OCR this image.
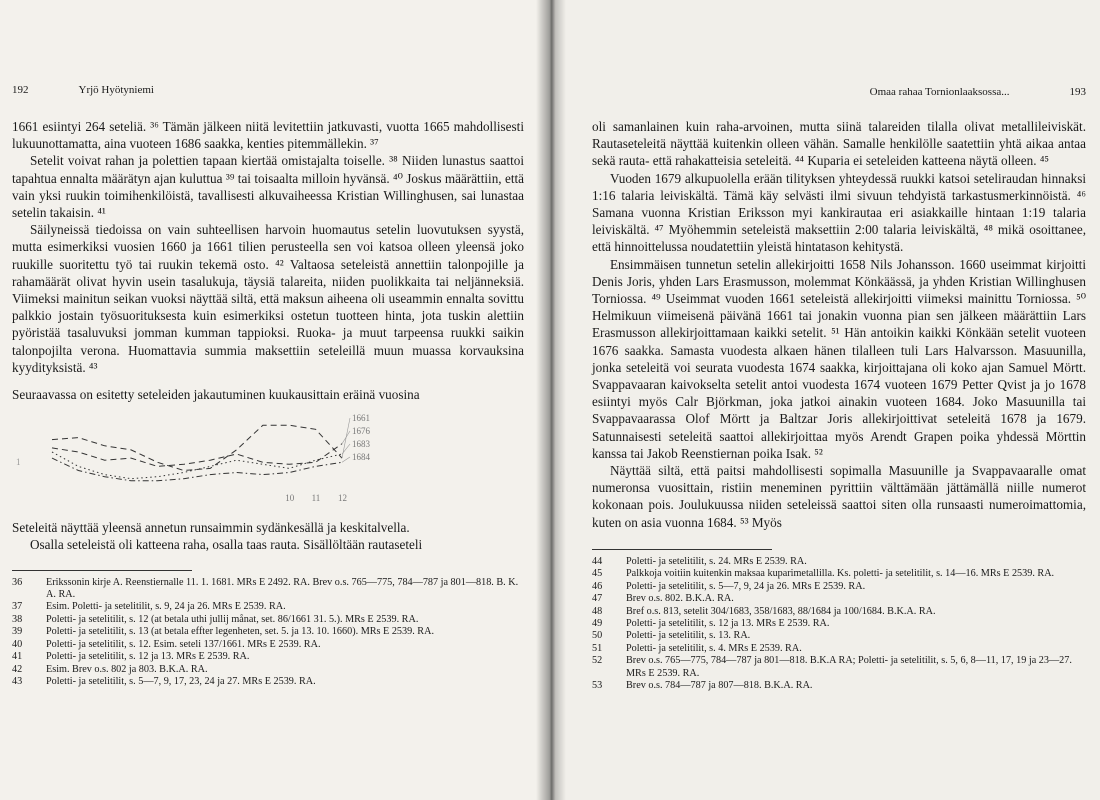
192	Yrjö Hyötyniemi

1661 esiintyi 264 seteliä. ³⁶ Tämän jälkeen niitä levitettiin jatkuvasti, vuotta 1665 mahdollisesti lukuunottamatta, aina vuoteen 1686 saakka, kenties pitemmällekin. ³⁷

Setelit voivat rahan ja polettien tapaan kiertää omistajalta toiselle. ³⁸ Niiden lunastus saattoi tapahtua ennalta määrätyn ajan kuluttua ³⁹ tai toisaalta milloin hyvänsä. ⁴⁰ Joskus määrättiin, että vain yksi ruukin toimihenkilöistä, tavallisesti alkuvaiheessa Kristian Willinghusen, sai lunastaa setelin takaisin. ⁴¹

Säilyneissä tiedoissa on vain suhteellisen harvoin huomautus setelin luovutuksen syystä, mutta esimerkiksi vuosien 1660 ja 1661 tilien perusteella sen voi katsoa olleen yleensä joko ruukille suoritettu työ tai ruukin tekemä osto. ⁴² Valtaosa seteleistä annettiin talonpojille ja rahamäärät olivat hyvin usein tasalukuja, täysiä talareita, niiden puolikkaita tai neljänneksiä. Viimeksi mainitun seikan vuoksi näyttää siltä, että maksun aiheena oli useammin ennalta sovittu palkkio jostain työsuorituksesta kuin esimerkiksi ostetun tuotteen hinta, jota tuskin alettiin pyöristää tasaluvuksi jomman kumman tappioksi. Ruoka- ja muut tarpeensa ruukki saikin talonpojilta verona. Huomattavia summia maksettiin seteleillä muun muassa korvauksina kyydityksistä. ⁴³

Seuraavassa on esitetty seteleiden jakautuminen kuukausittain eräinä vuosina

1661
1676
1683
1684
10 11 12
1

Seteleitä näyttää yleensä annetun runsaimmin sydänkesällä ja keskitalvella.

Osalla seteleistä oli katteena raha, osalla taas rauta. Sisällöltään rautaseteli

36 Erikssonin kirje A. Reenstiernalle 11. 1. 1681. MRs E 2492. RA. Brev o.s. 765—775, 784—787 ja 801—818. B. K. A. RA.

37 Esim. Poletti- ja setelitilit, s. 9, 24 ja 26. MRs E 2539. RA.

38 Poletti- ja setelitilit, s. 12 (at betala uthi jullij månat, set. 86/1661 31. 5.). MRs E 2539. RA.

39 Poletti- ja setelitilit, s. 13 (at betala effter legenheten, set. 5. ja 13. 10. 1660). MRs E 2539. RA.

40 Poletti- ja setelitilit, s. 12. Esim. seteli 137/1661. MRs E 2539. RA.

41 Poletti- ja setelitilit, s. 12 ja 13. MRs E 2539. RA.

42 Esim. Brev o.s. 802 ja 803. B.K.A. RA.

43 Poletti- ja setelitilit, s. 5—7, 9, 17, 23, 24 ja 27. MRs E 2539. RA.

Omaa rahaa Tornionlaaksossa...	193

oli samanlainen kuin raha-arvoinen, mutta siinä talareiden tilalla olivat metallileiviskät. Rautaseteleitä näyttää kuitenkin olleen vähän. Samalle henkilölle saatettiin yhtä aikaa antaa sekä rauta- että rahakatteisia seteleitä. ⁴⁴ Kupariа ei seteleiden katteena näytä olleen. ⁴⁵

Vuoden 1679 alkupuolella erään tilityksen yhteydessä ruukki katsoi seteliraudan hinnaksi 1:16 talaria leiviskältä. Tämä käy selvästi ilmi sivuun tehdyistä tarkastusmerkinnöistä. ⁴⁶ Samana vuonna Kristian Eriksson myi kankirautaa eri asiakkaille hintaan 1:19 talaria leiviskältä. ⁴⁷ Myöhemmin seteleistä maksettiin 2:00 talaria leiviskältä, ⁴⁸ mikä osoittanee, että hinnoittelussa noudatettiin yleistä hintatason kehitystä.

Ensimmäisen tunnetun setelin allekirjoitti 1658 Nils Johansson. 1660 useimmat kirjoitti Denis Joris, yhden Lars Erasmusson, molemmat Könkäässä, ja yhden Kristian Willinghusen Torniossa. ⁴⁹ Useimmat vuoden 1661 seteleistä allekirjoitti viimeksi mainittu Torniossa. ⁵⁰ Helmikuun viimeisenä päivänä 1661 tai jonakin vuonna pian sen jälkeen määrättiin Lars Erasmusson allekirjoittamaan kaikki setelit. ⁵¹ Hän antoikin kaikki Könkään setelit vuoteen 1676 saakka. Samasta vuodesta alkaen hänen tilalleen tuli Lars Halvarsson. Masuunilla, jonka seteleitä voi seurata vuodesta 1674 saakka, kirjoittajana oli koko ajan Samuel Mörtt. Svappavaaran kaivokselta setelit antoi vuodesta 1674 vuoteen 1679 Petter Qvist ja jo 1678 esiintyi myös Calr Björkman, joka jatkoi ainakin vuoteen 1684. Joko Masuunilla tai Svappavaarassa Olof Mörtt ja Baltzar Joris allekirjoittivat seteleitä 1678 ja 1679. Satunnaisesti seteleitä saattoi allekirjoittaa myös Arendt Grapen poika yhdessä Mörttin kanssa tai Jakob Reenstiernan poika Isak. ⁵²

Näyttää siltä, että paitsi mahdollisesti sopimalla Masuunille ja Svappavaaralle omat numeronsa vuosittain, ristiin meneminen pyrittiin välttämään jättämällä niille numerot kokonaan pois. Joulukuussa niiden seteleissä saattoi siten olla runsaasti numeroimattomia, kuten on asia vuonna 1684. ⁵³ Myös

44 Poletti- ja setelitilit, s. 24. MRs E 2539. RA.

45 Palkkoja voitiin kuitenkin maksaa kuparimetallilla. Ks. poletti- ja setelitilit, s. 14—16. MRs E 2539. RA.

46 Poletti- ja setelitilit, s. 5—7, 9, 24 ja 26. MRs E 2539. RA.

47 Brev o.s. 802. B.K.A. RA.

48 Bref o.s. 813, setelit 304/1683, 358/1683, 88/1684 ja 100/1684. B.K.A. RA.

49 Poletti- ja setelitilit, s. 12 ja 13. MRs E 2539. RA.

50 Poletti- ja setelitilit, s. 13. RA.

51 Poletti- ja setelitilit, s. 4. MRs E 2539. RA.

52 Brev o.s. 765—775, 784—787 ja 801—818. B.K.A RA; Poletti- ja setelitilit, s. 5, 6, 8—11, 17, 19 ja 23—27. MRs E 2539. RA.

53 Brev o.s. 784—787 ja 807—818. B.K.A. RA.
